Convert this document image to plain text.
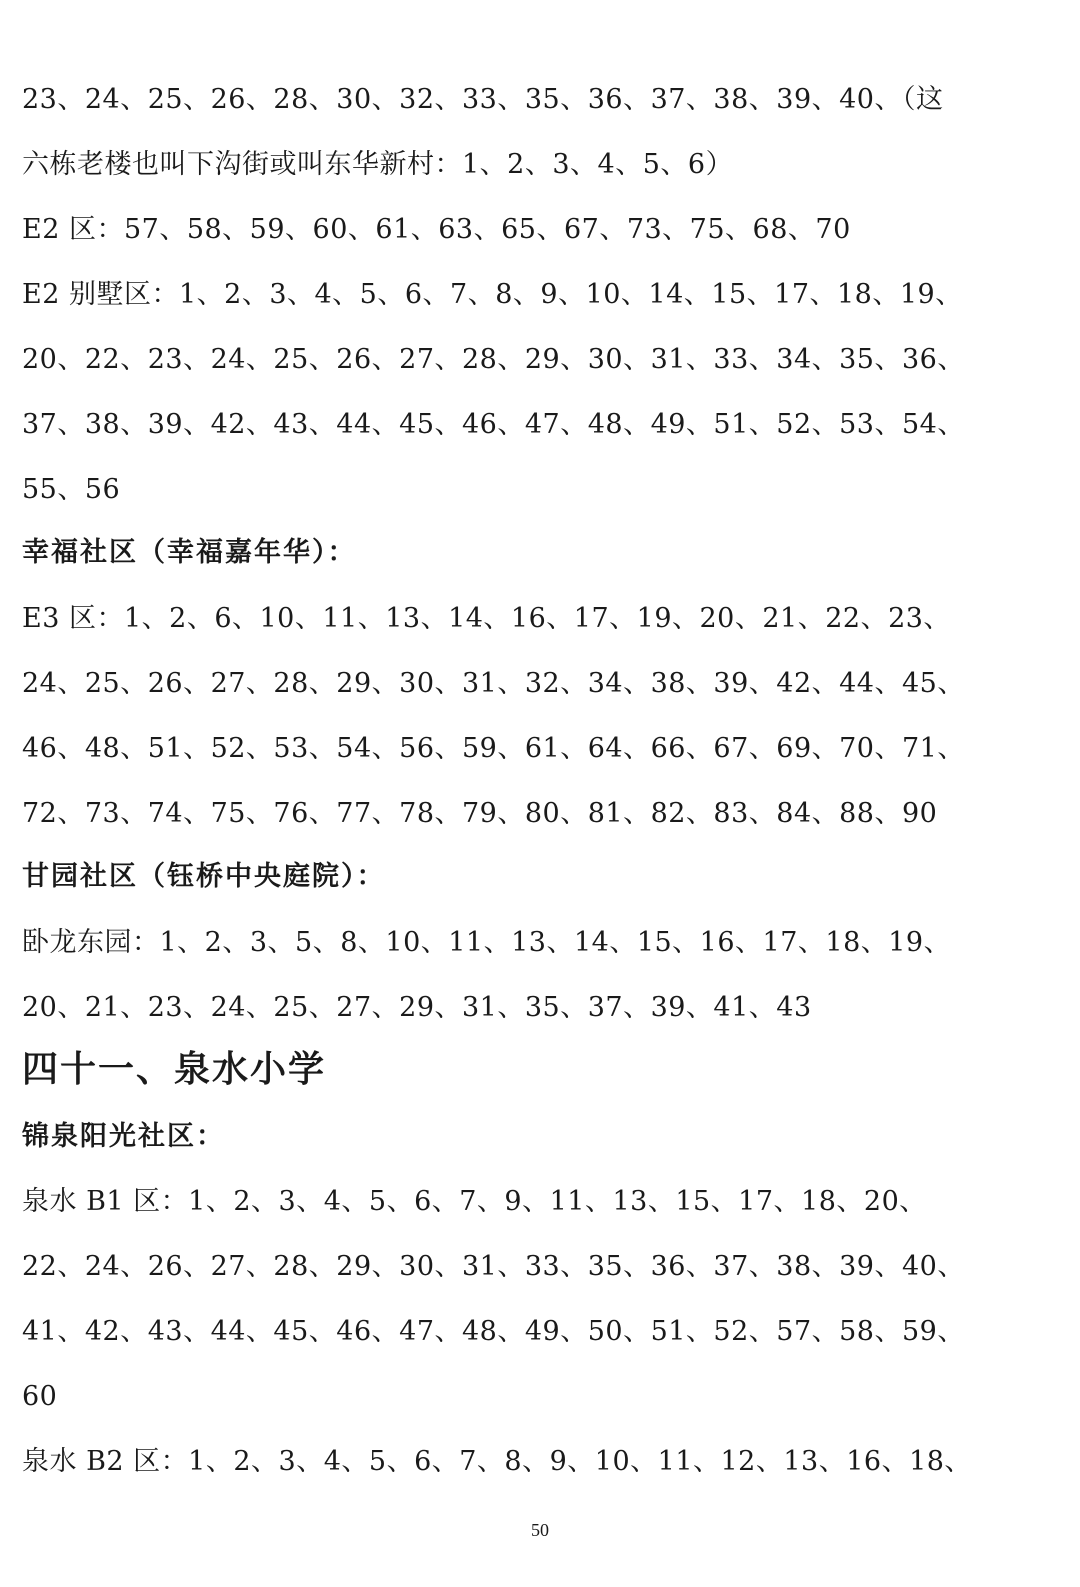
23、24、25、26、28、30、32、33、35、36、37、38、39、40、（这
六栋老楼也叫下沟街或叫东华新村：1、2、3、4、5、6）
E2 区：57、58、59、60、61、63、65、67、73、75、68、70
E2 别墅区：1、2、3、4、5、6、7、8、9、10、14、15、17、18、19、
20、22、23、24、25、26、27、28、29、30、31、33、34、35、36、
37、38、39、42、43、44、45、46、47、48、49、51、52、53、54、
55、56
幸福社区（幸福嘉年华）：
E3 区：1、2、6、10、11、13、14、16、17、19、20、21、22、23、
24、25、26、27、28、29、30、31、32、34、38、39、42、44、45、
46、48、51、52、53、54、56、59、61、64、66、67、69、70、71、
72、73、74、75、76、77、78、79、80、81、82、83、84、88、90
甘园社区（钰桥中央庭院）：
卧龙东园：1、2、3、5、8、10、11、13、14、15、16、17、18、19、
20、21、23、24、25、27、29、31、35、37、39、41、43
四十一、泉水小学
锦泉阳光社区：
泉水 B1 区：1、2、3、4、5、6、7、9、11、13、15、17、18、20、
22、24、26、27、28、29、30、31、33、35、36、37、38、39、40、
41、42、43、44、45、46、47、48、49、50、51、52、57、58、59、
60
泉水 B2 区：1、2、3、4、5、6、7、8、9、10、11、12、13、16、18、
50
